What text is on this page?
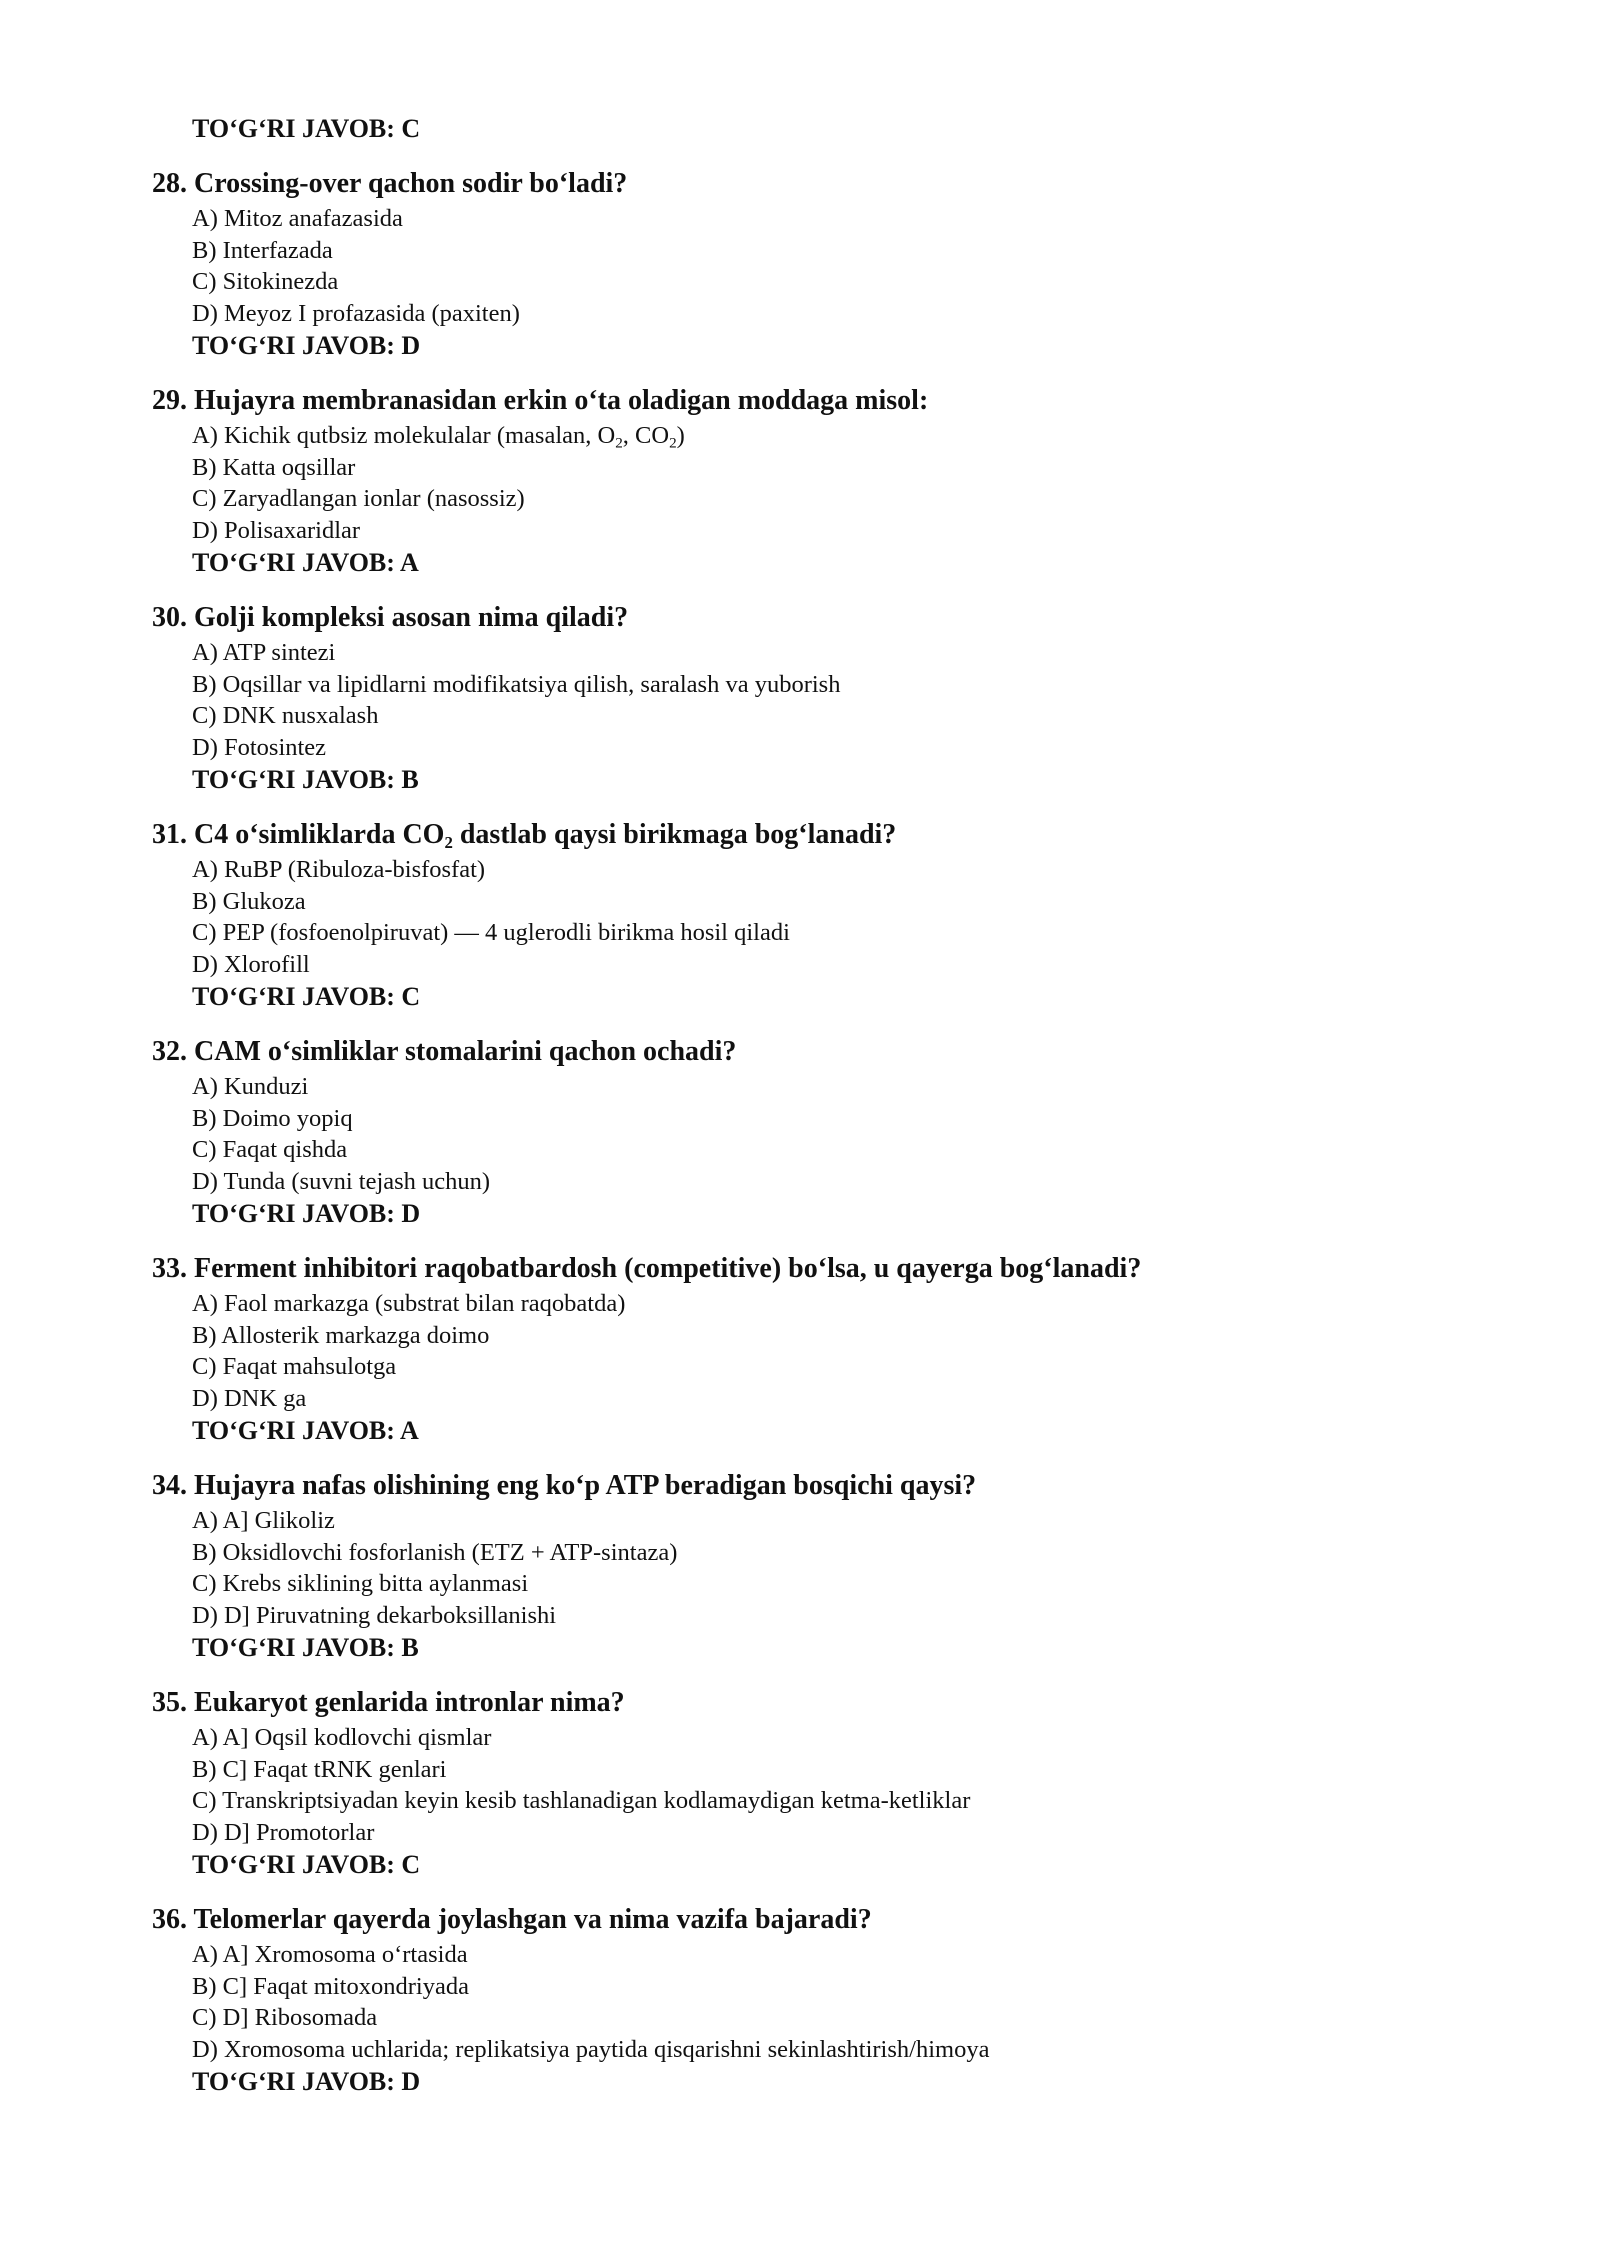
TO‘G‘RI JAVOB: C

28. Crossing-over qachon sodir bo‘ladi?

A) Mitoz anafazasida

B) Interfazada

C) Sitokinezda

D) Meyoz I profazasida (paxiten)

TO‘G‘RI JAVOB: D

29. Hujayra membranasidan erkin o‘ta oladigan moddaga misol:

A) Kichik qutbsiz molekulalar (masalan, $O_2$, $CO_2$)

B) Katta oqsillar

C) Zaryadlangan ionlar (nasossiz)

D) Polisaxaridlar

TO‘G‘RI JAVOB: A

30. Golji kompleksi asosan nima qiladi?

A) ATP sintezi

B) Oqsillar va lipidlarni modifikatsiya qilish, saralash va yuborish

C) DNK nusxalash

D) Fotosintez

TO‘G‘RI JAVOB: B

31. C4 o‘simliklarda $CO_2$ dastlab qaysi birikmaga bog‘lanadi?

A) RuBP (Ribuloza-bisfosfat)

B) Glukoza

C) PEP (fosfoenolpiruvat) — 4 uglerodli birikma hosil qiladi

D) Xlorofill

TO‘G‘RI JAVOB: C

32. CAM o‘simliklar stomalarini qachon ochadi?

A) Kunduzi

B) Doimo yopiq

C) Faqat qishda

D) Tunda (suvni tejash uchun)

TO‘G‘RI JAVOB: D

33. Ferment inhibitori raqobatbardosh (competitive) bo‘lsa, u qayerga bog‘lanadi?

A) Faol markazga (substrat bilan raqobatda)

B) Allosterik markazga doimo

C) Faqat mahsulotga

D) DNK ga

TO‘G‘RI JAVOB: A

34. Hujayra nafas olishining eng ko‘p ATP beradigan bosqichi qaysi?

A) A] Glikoliz

B) Oksidlovchi fosforlanish (ETZ + ATP-sintaza)

C) Krebs siklining bitta aylanmasi

D) D] Piruvatning dekarboksillanishi

TO‘G‘RI JAVOB: B

35. Eukaryot genlarida intronlar nima?

A) A] Oqsil kodlovchi qismlar

B) C] Faqat tRNK genlari

C) Transkriptsiyadan keyin kesib tashlanadigan kodlamaydigan ketma-ketliklar

D) D] Promotorlar

TO‘G‘RI JAVOB: C

36. Telomerlar qayerda joylashgan va nima vazifa bajaradi?

A) A] Xromosoma o‘rtasida

B) C] Faqat mitoxondriyada

C) D] Ribosomada

D) Xromosoma uchlarida; replikatsiya paytida qisqarishni sekinlashtirish/himoya

TO‘G‘RI JAVOB: D
